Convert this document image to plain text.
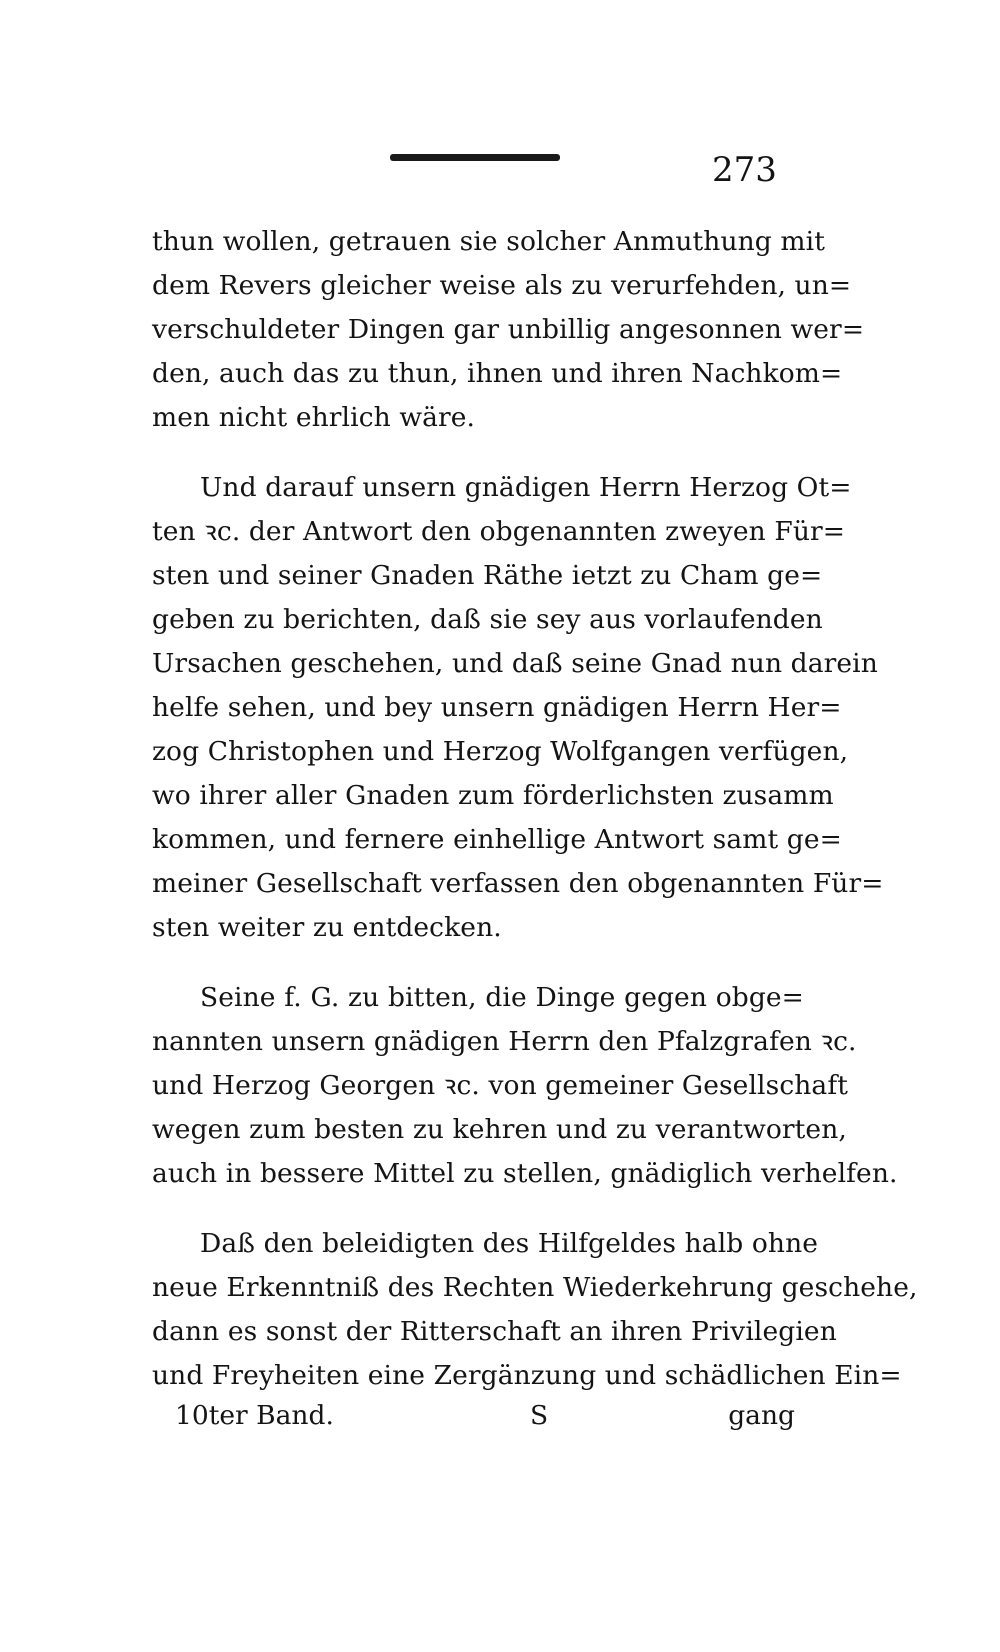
273
thun wollen, getrauen sie solcher Anmuthung mit
dem Revers gleicher weise als zu verurfehden, un=
verschuldeter Dingen gar unbillig angesonnen wer=
den, auch das zu thun, ihnen und ihren Nachkom=
men nicht ehrlich wäre.
Und darauf unsern gnädigen Herrn Herzog Ot=
ten ꝛc. der Antwort den obgenannten zweyen Für=
sten und seiner Gnaden Räthe ietzt zu Cham ge=
geben zu berichten, daß sie sey aus vorlaufenden
Ursachen geschehen, und daß seine Gnad nun darein
helfe sehen, und bey unsern gnädigen Herrn Her=
zog Christophen und Herzog Wolfgangen verfügen,
wo ihrer aller Gnaden zum förderlichsten zusamm
kommen, und fernere einhellige Antwort samt ge=
meiner Gesellschaft verfassen den obgenannten Für=
sten weiter zu entdecken.
Seine f. G. zu bitten, die Dinge gegen obge=
nannten unsern gnädigen Herrn den Pfalzgrafen ꝛc.
und Herzog Georgen ꝛc. von gemeiner Gesellschaft
wegen zum besten zu kehren und zu verantworten,
auch in bessere Mittel zu stellen, gnädiglich verhelfen.
Daß den beleidigten des Hilfgeldes halb ohne
neue Erkenntniß des Rechten Wiederkehrung geschehe,
dann es sonst der Ritterschaft an ihren Privilegien
und Freyheiten eine Zergänzung und schädlichen Ein=
10ter Band.	S	gang
